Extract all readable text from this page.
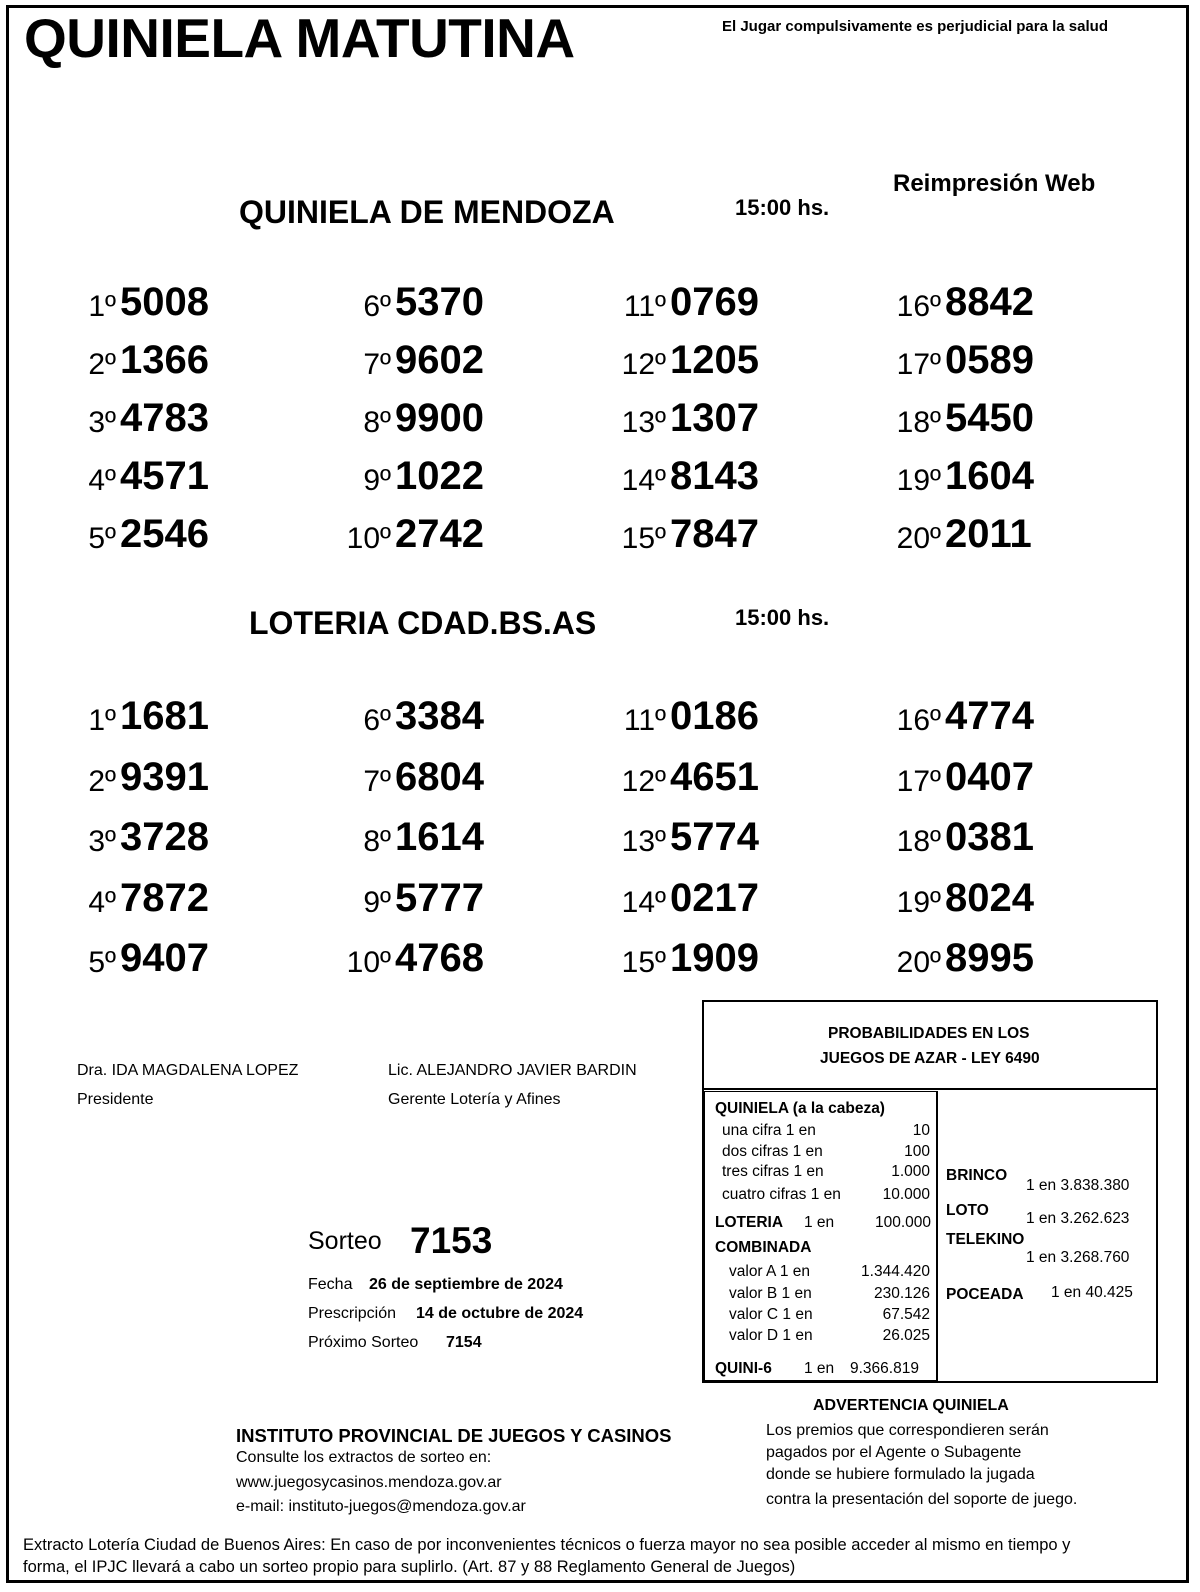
QUINIELA MATUTINA	El Jugar compulsivamente es perjudicial para la salud
Reimpresión Web
QUINIELA DE MENDOZA	15:00 hs.
1º 5008
2º 1366
3º 4783
4º 4571
5º 2546
6º 5370
7º 9602
8º 9900
9º 1022
10º 2742
11º 0769
12º 1205
13º 1307
14º 8143
15º 7847
16º 8842
17º 0589
18º 5450
19º 1604
20º 2011
LOTERIA CDAD.BS.AS	15:00 hs.
1º 1681
2º 9391
3º 3728
4º 7872
5º 9407
6º 3384
7º 6804
8º 1614
9º 5777
10º 4768
11º 0186
12º 4651
13º 5774
14º 0217
15º 1909
16º 4774
17º 0407
18º 0381
19º 8024
20º 8995
Dra. IDA MAGDALENA LOPEZ
Presidente
Lic. ALEJANDRO JAVIER BARDIN
Gerente Lotería y Afines
Sorteo 7153
Fecha 26 de septiembre de 2024
Prescripción 14 de octubre de 2024
Próximo Sorteo 7154
PROBABILIDADES EN LOS
JUEGOS DE AZAR - LEY 6490
QUINIELA (a la cabeza)
una cifra 1 en	10
dos cifras 1 en	100
tres cifras 1 en	1.000
cuatro cifras 1 en	10.000
LOTERIA 1 en	100.000
COMBINADA
valor A 1 en	1.344.420
valor B 1 en	230.126
valor C 1 en	67.542
valor D 1 en	26.025
QUINI-6 1 en 9.366.819
BRINCO
1 en 3.838.380
LOTO 1 en 3.262.623
TELEKINO
1 en 3.268.760
POCEADA 1 en 40.425
ADVERTENCIA QUINIELA
Los premios que correspondieren serán
pagados por el Agente o Subagente
donde se hubiere formulado la jugada
contra la presentación del soporte de juego.
INSTITUTO PROVINCIAL DE JUEGOS Y CASINOS
Consulte los extractos de sorteo en:
www.juegosycasinos.mendoza.gov.ar
e-mail: instituto-juegos@mendoza.gov.ar
Extracto Lotería Ciudad de Buenos Aires: En caso de por inconvenientes técnicos o fuerza mayor no sea posible acceder al mismo en tiempo y
forma, el IPJC llevará a cabo un sorteo propio para suplirlo. (Art. 87 y 88 Reglamento General de Juegos)
